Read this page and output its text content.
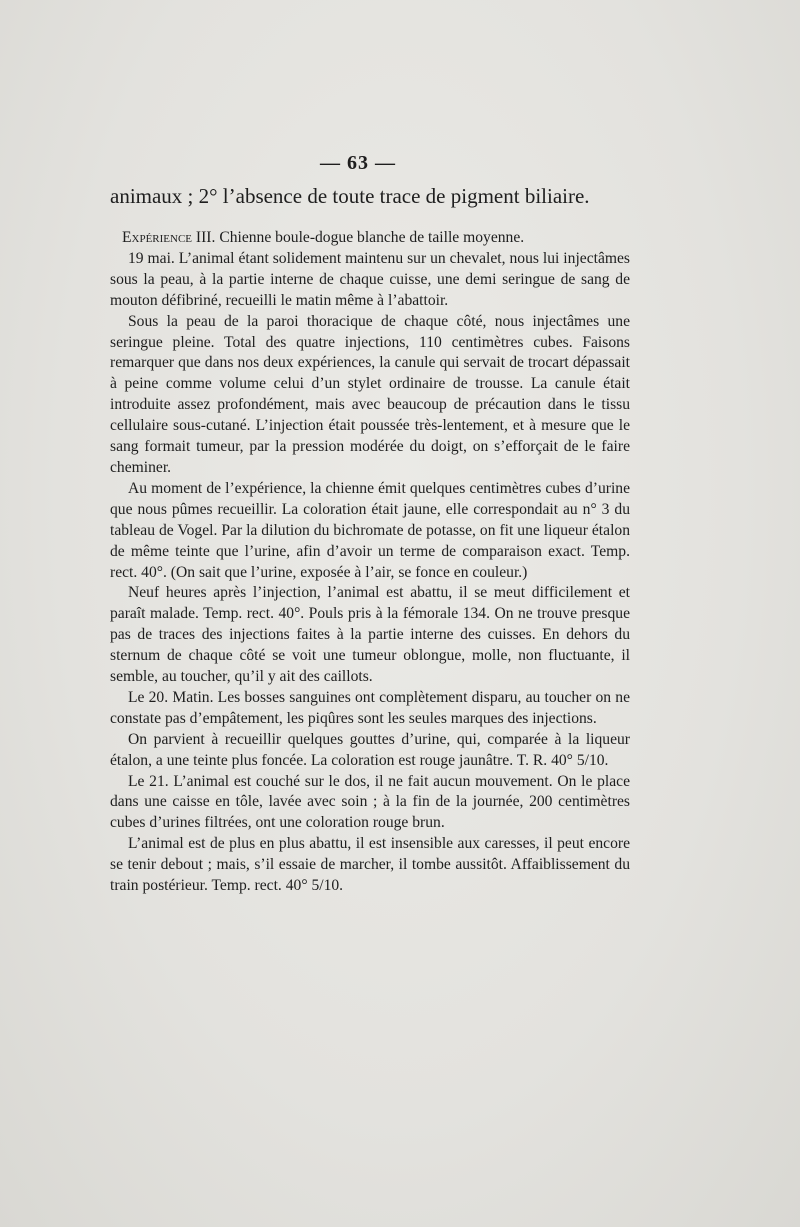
— 63 —
animaux ; 2° l’absence de toute trace de pigment biliaire.

Expérience III. Chienne boule-dogue blanche de taille moyenne.

19 mai. L’animal étant solidement maintenu sur un chevalet, nous lui injectâmes sous la peau, à la partie interne de chaque cuisse, une demi seringue de sang de mouton défibriné, recueilli le matin même à l’abattoir.

Sous la peau de la paroi thoracique de chaque côté, nous injectâmes une seringue pleine. Total des quatre injections, 110 centimètres cubes. Faisons remarquer que dans nos deux expériences, la canule qui servait de trocart dépassait à peine comme volume celui d’un stylet ordinaire de trousse. La canule était introduite assez profondément, mais avec beaucoup de précaution dans le tissu cellulaire sous-cutané. L’injection était poussée très-lentement, et à mesure que le sang formait tumeur, par la pression modérée du doigt, on s’efforçait de le faire cheminer.

Au moment de l’expérience, la chienne émit quelques centimètres cubes d’urine que nous pûmes recueillir. La coloration était jaune, elle correspondait au n° 3 du tableau de Vogel. Par la dilution du bichromate de potasse, on fit une liqueur étalon de même teinte que l’urine, afin d’avoir un terme de comparaison exact. Temp. rect. 40°. (On sait que l’urine, exposée à l’air, se fonce en couleur.)

Neuf heures après l’injection, l’animal est abattu, il se meut difficilement et paraît malade. Temp. rect. 40°. Pouls pris à la fémorale 134. On ne trouve presque pas de traces des injections faites à la partie interne des cuisses. En dehors du sternum de chaque côté se voit une tumeur oblongue, molle, non fluctuante, il semble, au toucher, qu’il y ait des caillots.

Le 20. Matin. Les bosses sanguines ont complètement disparu, au toucher on ne constate pas d’empâtement, les piqûres sont les seules marques des injections.

On parvient à recueillir quelques gouttes d’urine, qui, comparée à la liqueur étalon, a une teinte plus foncée. La coloration est rouge jaunâtre. T. R. 40° 5/10.

Le 21. L’animal est couché sur le dos, il ne fait aucun mouvement. On le place dans une caisse en tôle, lavée avec soin ; à la fin de la journée, 200 centimètres cubes d’urines filtrées, ont une coloration rouge brun.

L’animal est de plus en plus abattu, il est insensible aux caresses, il peut encore se tenir debout ; mais, s’il essaie de marcher, il tombe aussitôt. Affaiblissement du train postérieur. Temp. rect. 40° 5/10.
